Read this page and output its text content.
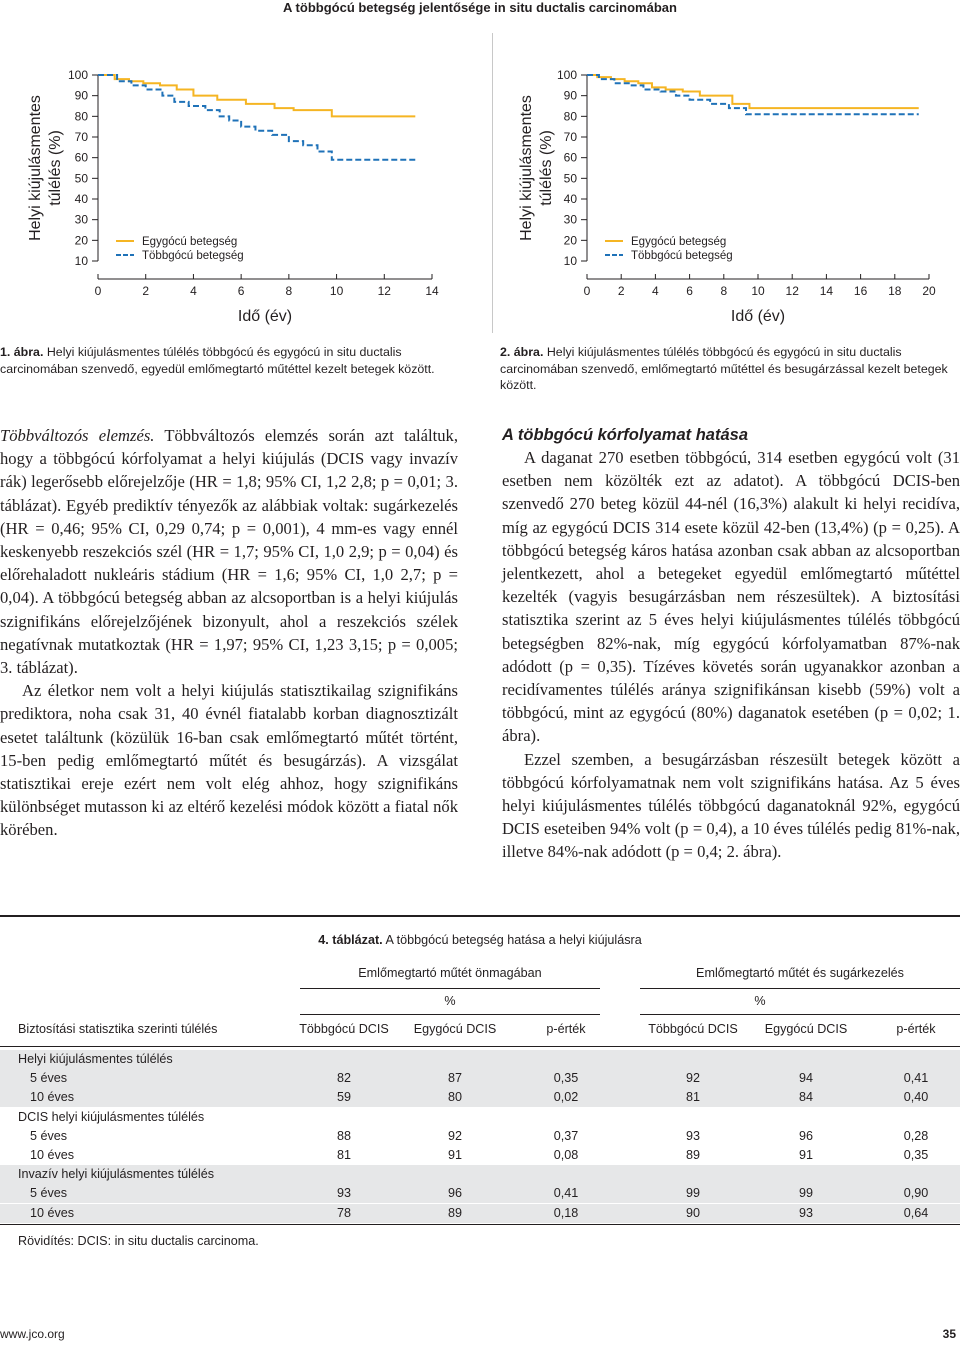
A többgócú betegség jelentősége in situ ductalis carcinomában
10
20
30
40
50
60
70
80
90
100
0	2	4	6	8	10	12	14
Helyi kiújulásmentes túlélés (%)
Idő (év)
Egygócú betegség
Többgócú betegség	10
20
30
40
50
60
70
80
90
100
0 2 4 6 8 10 12 14 16 18 20
Helyi kiújulásmentes túlélés (%)
Idő (év)
Egygócú betegség
Többgócú betegség
1. ábra. Helyi kiújulásmentes túlélés többgócú és egygócú in situ ductalis carcinomában szenvedő, egyedül emlőmegtartó műtéttel kezelt betegek között.
2. ábra. Helyi kiújulásmentes túlélés többgócú és egygócú in situ ductalis carcinomában szenvedő, emlőmegtartó műtéttel és besugárzással kezelt betegek között.

Többváltozós elemzés. Többváltozós elemzés során azt találtuk, hogy a többgócú kórfolyamat a helyi kiújulás (DCIS vagy invazív rák) legerősebb előrejelzője (HR = 1,8; 95% CI, 1,2 2,8; p = 0,01; 3. táblázat). Egyéb prediktív tényezők az alábbiak voltak: sugárkezelés (HR = 0,46; 95% CI, 0,29 0,74; p = 0,001), 4 mm-es vagy ennél keskenyebb reszekciós szél (HR = 1,7; 95% CI, 1,0 2,9; p = 0,04) és előrehaladott nukleáris stádium (HR = 1,6; 95% CI, 1,0 2,7; p = 0,04). A többgócú betegség abban az alcsoportban is a helyi kiújulás szignifikáns előrejelzőjének bizonyult, ahol a reszekciós szélek negatívnak mutatkoztak (HR = 1,97; 95% CI, 1,23 3,15; p = 0,005; 3. táblázat).

Az életkor nem volt a helyi kiújulás statisztikailag szignifikáns prediktora, noha csak 31, 40 évnél fiatalabb korban diagnosztizált esetet találtunk (közülük 16-ban csak emlőmegtartó műtét történt, 15-ben pedig emlőmegtartó műtét és besugárzás). A vizsgálat statisztikai ereje ezért nem volt elég ahhoz, hogy szignifikáns különbséget mutasson ki az eltérő kezelési módok között a fiatal nők körében.

A többgócú kórfolyamat hatása

A daganat 270 esetben többgócú, 314 esetben egygócú volt (31 esetben nem közölték ezt az adatot). A többgócú DCIS-ben szenvedő 270 beteg közül 44-nél (16,3%) alakult ki helyi recidíva, míg az egygócú DCIS 314 esete közül 42-ben (13,4%) (p = 0,25). A többgócú betegség káros hatása azonban csak abban az alcsoportban jelentkezett, ahol a betegeket egyedül emlőmegtartó műtéttel kezelték (vagyis besugárzásban nem részesültek). A biztosítási statisztika szerint az 5 éves helyi kiújulásmentes túlélés többgócú betegségben 82%-nak, míg egygócú kórfolyamatban 87%-nak adódott (p = 0,35). Tízéves követés során ugyanakkor azonban a recidívamentes túlélés aránya szignifikánsan kisebb (59%) volt a többgócú, mint az egygócú (80%) daganatok esetében (p = 0,02; 1. ábra).

Ezzel szemben, a besugárzásban részesült betegek között a többgócú kórfolyamatnak nem volt szignifikáns hatása. Az 5 éves helyi kiújulásmentes túlélés többgócú daganatoknál 92%, egygócú DCIS eseteiben 94% volt (p = 0,4), a 10 éves túlélés pedig 81%-nak, illetve 84%-nak adódott (p = 0,4; 2. ábra).

4. táblázat. A többgócú betegség hatása a helyi kiújulásra
Emlőmegtartó műtét önmagában	Emlőmegtartó műtét és sugárkezelés
%	%
Biztosítási statisztika szerinti túlélés	Többgócú DCIS	Egygócú DCIS	p-érték	Többgócú DCIS	Egygócú DCIS	p-érték
Helyi kiújulásmentes túlélés
5 éves	82	87	0,35	92	94	0,41
10 éves	59	80	0,02	81	84	0,40
DCIS helyi kiújulásmentes túlélés
5 éves	88	92	0,37	93	96	0,28
10 éves	81	91	0,08	89	91	0,35
Invazív helyi kiújulásmentes túlélés
5 éves	93	96	0,41	99	99	0,90
10 éves	78	89	0,18	90	93	0,64
Rövidítés: DCIS: in situ ductalis carcinoma.
www.jco.org	35
